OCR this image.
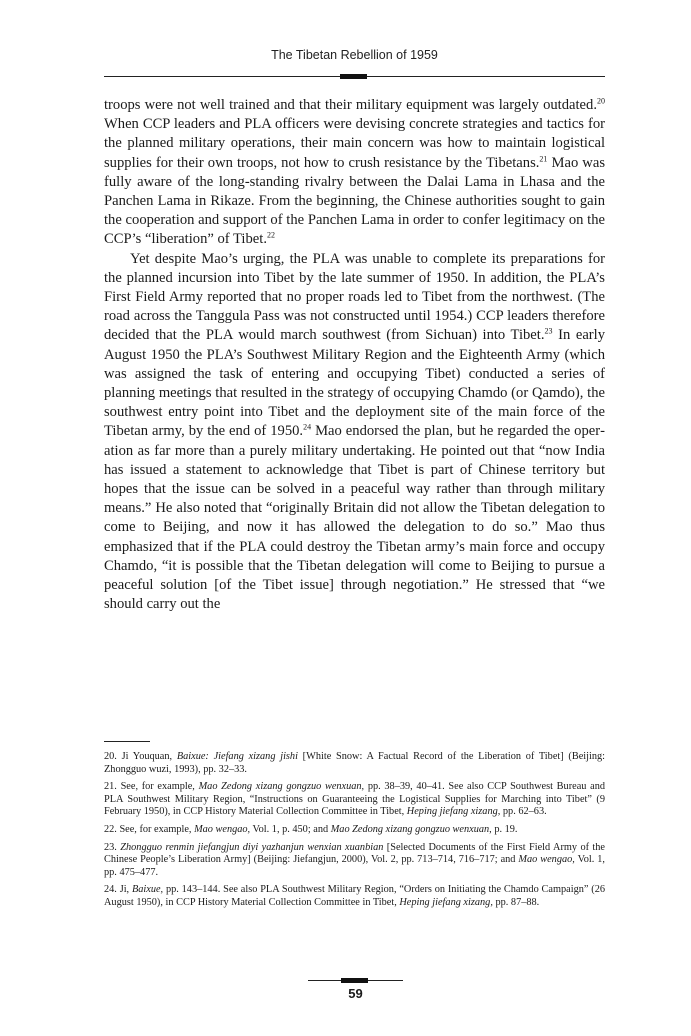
The Tibetan Rebellion of 1959

troops were not well trained and that their military equipment was largely outdated.$^{20}$ When CCP leaders and PLA officers were devising concrete strategies and tactics for the planned military operations, their main concern was how to maintain logistical supplies for their own troops, not how to crush resistance by the Tibetans.$^{21}$ Mao was fully aware of the long-standing rivalry between the Dalai Lama in Lhasa and the Panchen Lama in Rikaze. From the beginning, the Chinese authorities sought to gain the cooperation and support of the Panchen Lama in order to confer legitimacy on the CCP’s “liberation” of Tibet.$^{22}$

Yet despite Mao’s urging, the PLA was unable to complete its preparations for the planned incursion into Tibet by the late summer of 1950. In addition, the PLA’s First Field Army reported that no proper roads led to Tibet from the northwest. (The road across the Tanggula Pass was not constructed until 1954.) CCP leaders therefore decided that the PLA would march southwest (from Sichuan) into Tibet.$^{23}$ In early August 1950 the PLA’s Southwest Military Region and the Eighteenth Army (which was assigned the task of entering and occupying Tibet) conducted a series of planning meetings that resulted in the strategy of occupying Chamdo (or Qamdo), the southwest entry point into Tibet and the deployment site of the main force of the Tibetan army, by the end of 1950.24 Mao endorsed the plan, but he regarded the operation as far more than a purely military undertaking. He pointed out that “now India has issued a statement to acknowledge that Tibet is part of Chinese territory but hopes that the issue can be solved in a peaceful way rather than through military means.” He also noted that “originally Britain did not allow the Tibetan delegation to come to Beijing, and now it has allowed the delegation to do so.” Mao thus emphasized that if the PLA could destroy the Tibetan army’s main force and occupy Chamdo, “it is possible that the Tibetan delegation will come to Beijing to pursue a peaceful solution [of the Tibet issue] through negotiation.” He stressed that “we should carry out the

20. Ji Youquan, Baixue: Jiefang xizang jishi [White Snow: A Factual Record of the Liberation of Tibet] (Beijing: Zhongguo wuzi, 1993), pp. 32–33.

21. See, for example, Mao Zedong xizang gongzuo wenxuan, pp. 38–39, 40–41. See also CCP Southwest Bureau and PLA Southwest Military Region, “Instructions on Guaranteeing the Logistical Supplies for Marching into Tibet” (9 February 1950), in CCP History Material Collection Committee in Tibet, Heping jiefang xizang, pp. 62–63.

22. See, for example, Mao wengao, Vol. 1, p. 450; and Mao Zedong xizang gongzuo wenxuan, p. 19.

23. Zhongguo renmin jiefangjun diyi yazhanjun wenxian xuanbian [Selected Documents of the First Field Army of the Chinese People’s Liberation Army] (Beijing: Jiefangjun, 2000), Vol. 2, pp. 713–714, 716–717; and Mao wengao, Vol. 1, pp. 475–477.

24. Ji, Baixue, pp. 143–144. See also PLA Southwest Military Region, “Orders on Initiating the Chamdo Campaign” (26 August 1950), in CCP History Material Collection Committee in Tibet, Heping jiefang xizang, pp. 87–88.

59
